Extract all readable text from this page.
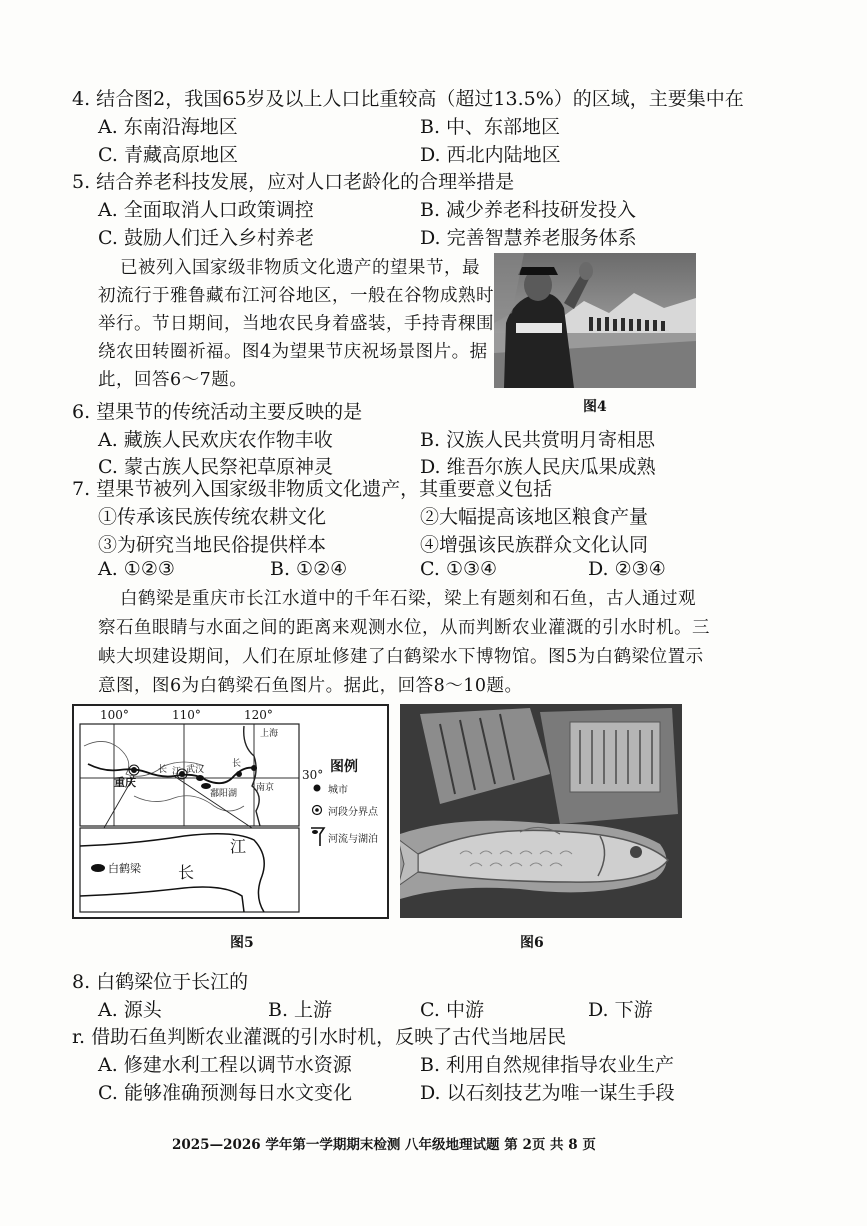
4. 结合图2，我国65岁及以上人口比重较高（超过13.5%）的区域，主要集中在
A. 东南沿海地区	B. 中、东部地区
C. 青藏高原地区	D. 西北内陆地区
5. 结合养老科技发展，应对人口老龄化的合理举措是
A. 全面取消人口政策调控	B. 减少养老科技研发投入
C. 鼓励人们迁入乡村养老	D. 完善智慧养老服务体系
已被列入国家级非物质文化遗产的望果节，最
初流行于雅鲁藏布江河谷地区，一般在谷物成熟时
举行。节日期间，当地农民身着盛装，手持青稞围
绕农田转圈祈福。图4为望果节庆祝场景图片。据
此，回答6～7题。
图4
6. 望果节的传统活动主要反映的是
A. 藏族人民欢庆农作物丰收	B. 汉族人民共赏明月寄相思
C. 蒙古族人民祭祀草原神灵	D. 维吾尔族人民庆瓜果成熟
7. 望果节被列入国家级非物质文化遗产，其重要意义包括
①传承该民族传统农耕文化	②大幅提高该地区粮食产量
③为研究当地民俗提供样本	④增强该民族群众文化认同
A. ①②③	B. ①②④	C. ①③④	D. ②③④
白鹤梁是重庆市长江水道中的千年石梁，梁上有题刻和石鱼，古人通过观
察石鱼眼睛与水面之间的距离来观测水位，从而判断农业灌溉的引水时机。三
峡大坝建设期间，人们在原址修建了白鹤梁水下博物馆。图5为白鹤梁位置示
意图，图6为白鹤梁石鱼图片。据此，回答8～10题。
100°	110°	120°
30°
重庆
长 江 武汉
长
鄱阳湖
南京
上海
江
长
白鹤梁
图例
城市
河段分界点
河流与湖泊
图5	图6
8. 白鹤梁位于长江的
A. 源头	B. 上游	C. 中游	D. 下游
r. 借助石鱼判断农业灌溉的引水时机，反映了古代当地居民
A. 修建水利工程以调节水资源	B. 利用自然规律指导农业生产
C. 能够准确预测每日水文变化	D. 以石刻技艺为唯一谋生手段
2025—2026 学年第一学期期末检测 八年级地理试题 第 2页 共 8 页
